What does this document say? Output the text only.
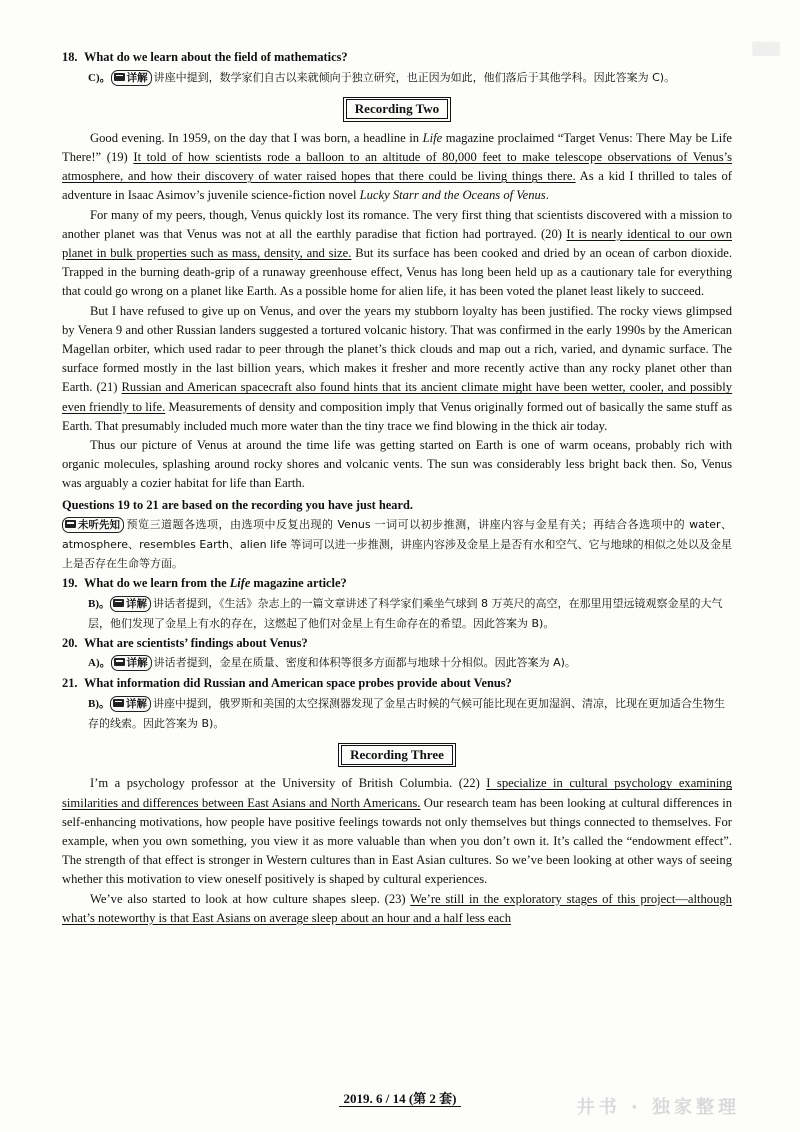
▒▒▒
18. What do we learn about the field of mathematics?
C)。 详解 讲座中提到，数学家们自古以来就倾向于独立研究，也正因为如此，他们落后于其他学科。因此答案为 C)。
Recording Two

Good evening. In 1959, on the day that I was born, a headline in Life magazine proclaimed “Target Venus: There May be Life There!” (19) It told of how scientists rode a balloon to an altitude of 80,000 feet to make telescope observations of Venus’s atmosphere, and how their discovery of water raised hopes that there could be living things there. As a kid I thrilled to tales of adventure in Isaac Asimov’s juvenile science-fiction novel Lucky Starr and the Oceans of Venus.

For many of my peers, though, Venus quickly lost its romance. The very first thing that scientists discovered with a mission to another planet was that Venus was not at all the earthly paradise that fiction had portrayed. (20) It is nearly identical to our own planet in bulk properties such as mass, density, and size. But its surface has been cooked and dried by an ocean of carbon dioxide. Trapped in the burning death-grip of a runaway greenhouse effect, Venus has long been held up as a cautionary tale for everything that could go wrong on a planet like Earth. As a possible home for alien life, it has been voted the planet least likely to succeed.

But I have refused to give up on Venus, and over the years my stubborn loyalty has been justified. The rocky views glimpsed by Venera 9 and other Russian landers suggested a tortured volcanic history. That was confirmed in the early 1990s by the American Magellan orbiter, which used radar to peer through the planet’s thick clouds and map out a rich, varied, and dynamic surface. The surface formed mostly in the last billion years, which makes it fresher and more recently active than any rocky planet other than Earth. (21) Russian and American spacecraft also found hints that its ancient climate might have been wetter, cooler, and possibly even friendly to life. Measurements of density and composition imply that Venus originally formed out of basically the same stuff as Earth. That presumably included much more water than the tiny trace we find blowing in the thick air today.

Thus our picture of Venus at around the time life was getting started on Earth is one of warm oceans, probably rich with organic molecules, splashing around rocky shores and volcanic vents. The sun was considerably less bright back then. So, Venus was arguably a cozier habitat for life than Earth.

Questions 19 to 21 are based on the recording you have just heard.
未听先知 预览三道题各选项，由选项中反复出现的 Venus 一词可以初步推测，讲座内容与金星有关；再结合各选项中的 water、atmosphere、resembles Earth、alien life 等词可以进一步推测，讲座内容涉及金星上是否有水和空气、它与地球的相似之处以及金星上是否存在生命等方面。
19. What do we learn from the Life magazine article?
B)。 详解 讲话者提到，《生活》杂志上的一篇文章讲述了科学家们乘坐气球到 8 万英尺的高空，在那里用望远镜观察金星的大气层，他们发现了金星上有水的存在，这燃起了他们对金星上有生命存在的希望。因此答案为 B)。
20. What are scientists’ findings about Venus?
A)。 详解 讲话者提到，金星在质量、密度和体积等很多方面都与地球十分相似。因此答案为 A)。
21. What information did Russian and American space probes provide about Venus?
B)。 详解 讲座中提到，俄罗斯和美国的太空探测器发现了金星古时候的气候可能比现在更加湿润、清凉，比现在更加适合生物生存的线索。因此答案为 B)。
Recording Three

I’m a psychology professor at the University of British Columbia. (22) I specialize in cultural psychology examining similarities and differences between East Asians and North Americans. Our research team has been looking at cultural differences in self-enhancing motivations, how people have positive feelings towards not only themselves but things connected to themselves. For example, when you own something, you view it as more valuable than when you don’t own it. It’s called the “endowment effect”. The strength of that effect is stronger in Western cultures than in East Asian cultures. So we’ve been looking at other ways of seeing whether this motivation to view oneself positively is shaped by cultural experiences.

We’ve also started to look at how culture shapes sleep. (23) We’re still in the exploratory stages of this project—although what’s noteworthy is that East Asians on average sleep about an hour and a half less each

2019. 6 / 14 (第 2 套)	井书 · 独家整理
